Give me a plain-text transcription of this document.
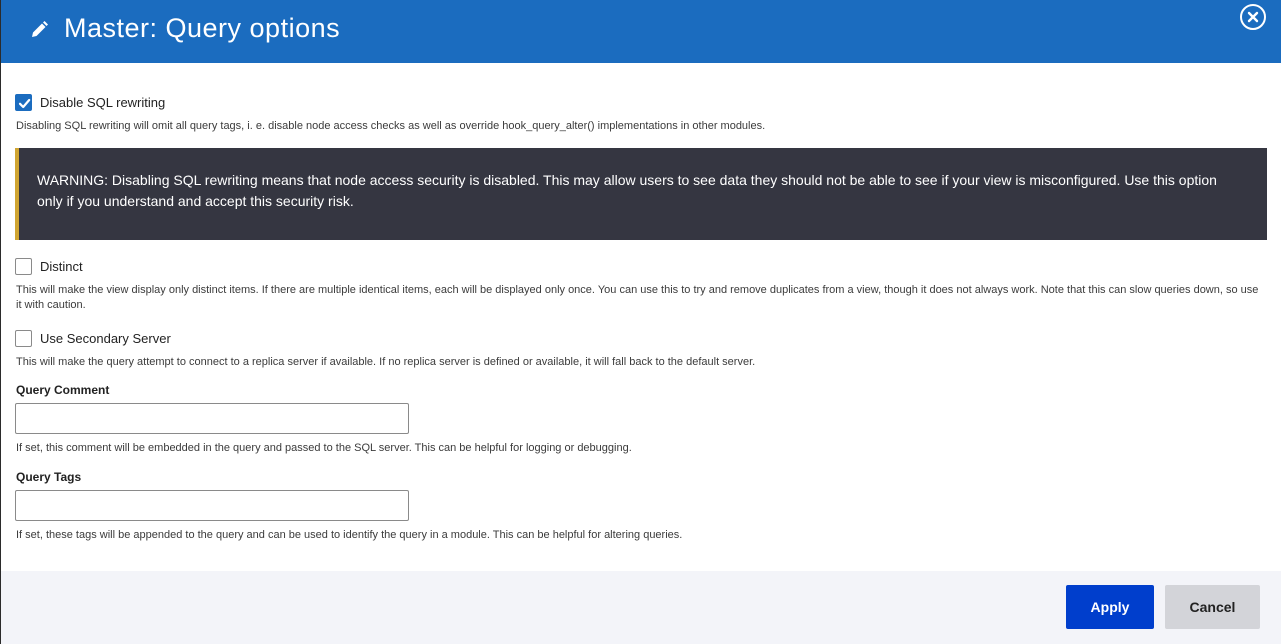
Master: Query options
Disable SQL rewriting
Disabling SQL rewriting will omit all query tags, i. e. disable node access checks as well as override hook_query_alter() implementations in other modules.
WARNING: Disabling SQL rewriting means that node access security is disabled. This may allow users to see data they should not be able to see if your view is misconfigured. Use this option only if you understand and accept this security risk.
Distinct
This will make the view display only distinct items. If there are multiple identical items, each will be displayed only once. You can use this to try and remove duplicates from a view, though it does not always work. Note that this can slow queries down, so use it with caution.
Use Secondary Server
This will make the query attempt to connect to a replica server if available. If no replica server is defined or available, it will fall back to the default server.
Query Comment
If set, this comment will be embedded in the query and passed to the SQL server. This can be helpful for logging or debugging.
Query Tags
If set, these tags will be appended to the query and can be used to identify the query in a module. This can be helpful for altering queries.
Apply	Cancel
